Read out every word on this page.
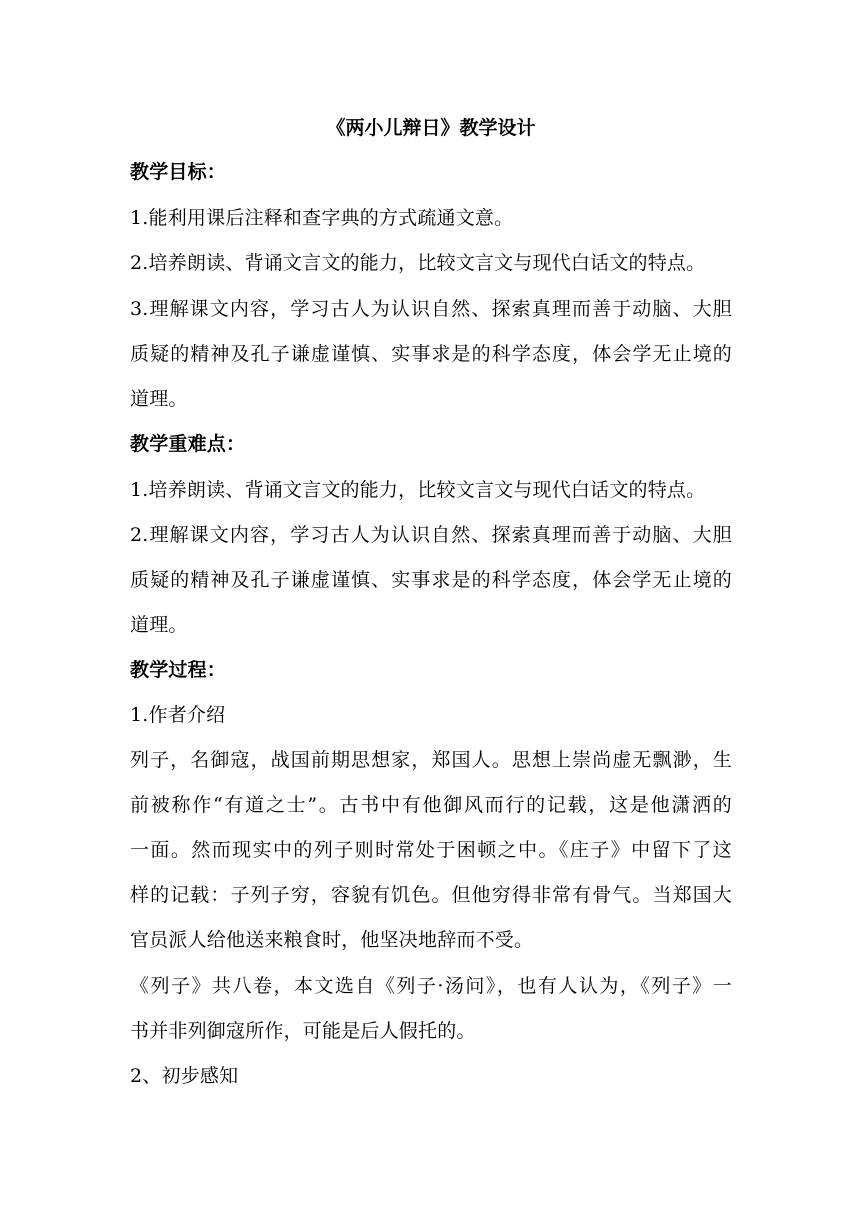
《两小儿辩日》教学设计
教学目标：
1.能利用课后注释和查字典的方式疏通文意。
2.培养朗读、背诵文言文的能力，比较文言文与现代白话文的特点。
3.理解课文内容，学习古人为认识自然、探索真理而善于动脑、大胆
质疑的精神及孔子谦虚谨慎、实事求是的科学态度，体会学无止境的
道理。
教学重难点：
1.培养朗读、背诵文言文的能力，比较文言文与现代白话文的特点。
2.理解课文内容，学习古人为认识自然、探索真理而善于动脑、大胆
质疑的精神及孔子谦虚谨慎、实事求是的科学态度，体会学无止境的
道理。
教学过程：
1.作者介绍
列子，名御寇，战国前期思想家，郑国人。思想上崇尚虚无飘渺，生
前被称作“有道之士”。古书中有他御风而行的记载，这是他潇洒的
一面。然而现实中的列子则时常处于困顿之中。《庄子》中留下了这
样的记载：子列子穷，容貌有饥色。但他穷得非常有骨气。当郑国大
官员派人给他送来粮食时，他坚决地辞而不受。
《列子》共八卷，本文选自《列子·汤问》，也有人认为，《列子》一
书并非列御寇所作，可能是后人假托的。
2、初步感知
